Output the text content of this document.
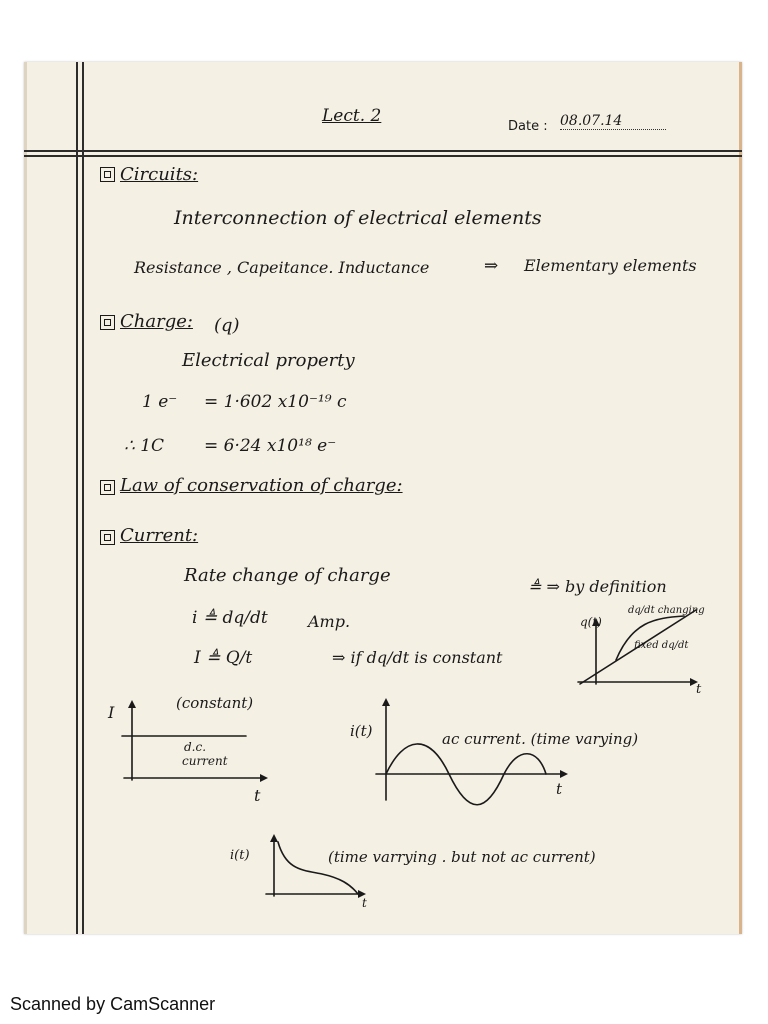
Lect. 2
Date : 08.07.14
Circuits:
Interconnection of electrical elements
Resistance , Capeitance. Inductance	⇒ Elementary elements
Charge: (q)
Electrical property
1 e⁻ = 1·602 x10⁻¹⁹ c
∴ 1C = 6·24 x10¹⁸ e⁻
Law of conservation of charge:
Current:
Rate change of charge
i ≜ dq/dt	Amp.
≜ ⇒ by definition
I ≜ Q/t	⇒ if dq/dt is constant
q(t)
t
dq/dt changing
fixed dq/dt
I
t
(constant)
d.c.
current
i(t)
t
ac current. (time varying)
i(t)
t
(time varrying . but not ac current)
Scanned by CamScanner
